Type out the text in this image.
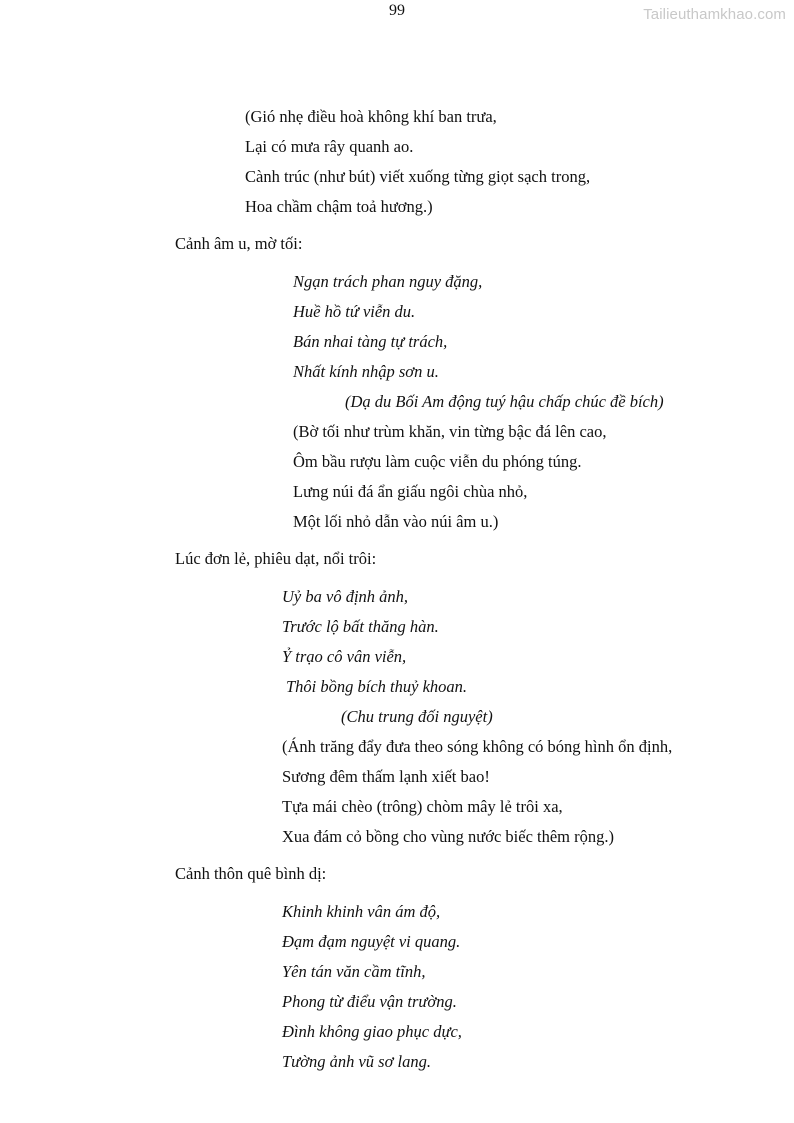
99	Tailieuthamkhao.com
(Gió nhẹ điều hoà không khí ban trưa,
Lại có mưa rây quanh ao.
Cành trúc (như bút) viết xuống từng giọt sạch trong,
Hoa chầm chậm toả hương.)
Cảnh âm u, mờ tối:
Ngạn trách phan nguy đặng,
Huề hồ tứ viễn du.
Bán nhai tàng tự trách,
Nhất kính nhập sơn u.
(Dạ du Bối Am động tuý hậu chấp chúc đề bích)
(Bờ tối như trùm khăn, vin từng bậc đá lên cao,
Ôm bầu rượu làm cuộc viễn du phóng túng.
Lưng núi đá ẩn giấu ngôi chùa nhỏ,
Một lối nhỏ dẫn vào núi âm u.)
Lúc đơn lẻ, phiêu dạt, nổi trôi:
Uỷ ba vô định ảnh,
Trước lộ bất thăng hàn.
Ỷ trạo cô vân viễn,
Thôi bồng bích thuỷ khoan.
(Chu trung đối nguyệt)
(Ánh trăng đẩy đưa theo sóng không có bóng hình ổn định,
Sương đêm thấm lạnh xiết bao!
Tựa mái chèo (trông) chòm mây lẻ trôi xa,
Xua đám cỏ bồng cho vùng nước biếc thêm rộng.)
Cảnh thôn quê bình dị:
Khinh khinh vân ám độ,
Đạm đạm nguyệt vi quang.
Yên tán văn cầm tĩnh,
Phong từ điểu vận trường.
Đình không giao phục dực,
Tường ảnh vũ sơ lang.
